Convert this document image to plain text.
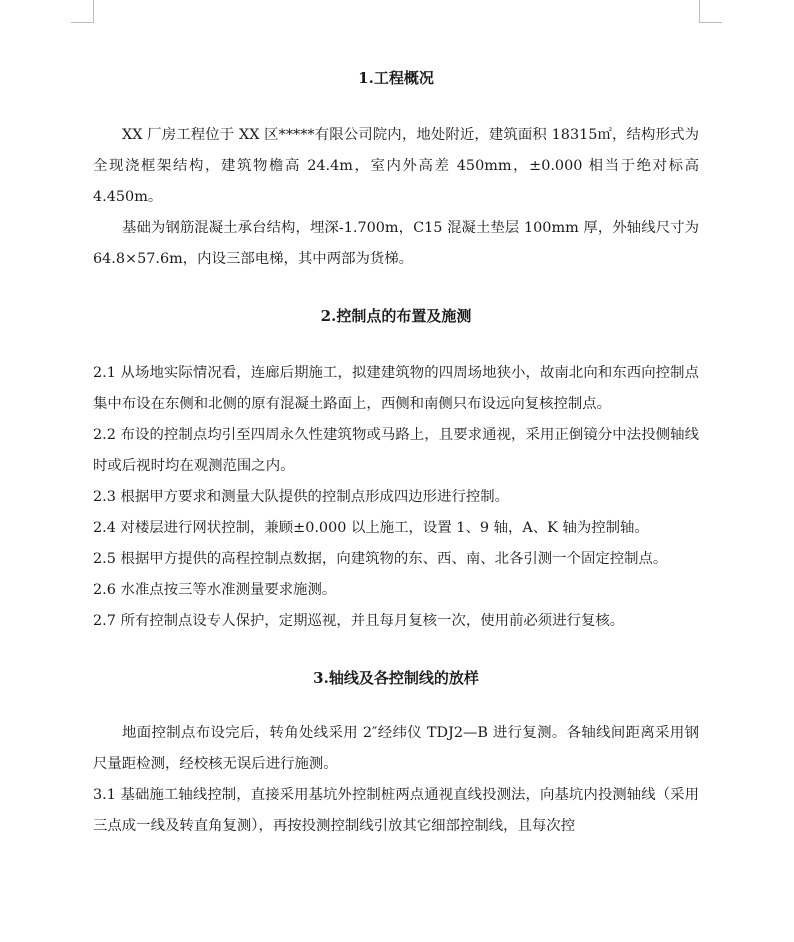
1.工程概况

XX 厂房工程位于 XX 区*****有限公司院内，地处附近，建筑面积 18315㎡，结构形式为全现浇框架结构，建筑物檐高 24.4m，室内外高差 450mm，±0.000 相当于绝对标高 4.450m。

基础为钢筋混凝土承台结构，埋深-1.700m，C15 混凝土垫层 100mm 厚，外轴线尺寸为 64.8×57.6m，内设三部电梯，其中两部为货梯。

2.控制点的布置及施测

2.1 从场地实际情况看，连廊后期施工，拟建建筑物的四周场地狭小，故南北向和东西向控制点集中布设在东侧和北侧的原有混凝土路面上，西侧和南侧只布设远向复核控制点。

2.2 布设的控制点均引至四周永久性建筑物或马路上，且要求通视，采用正倒镜分中法投侧轴线时或后视时均在观测范围之内。

2.3 根据甲方要求和测量大队提供的控制点形成四边形进行控制。

2.4 对楼层进行网状控制，兼顾±0.000 以上施工，设置 1、9 轴，A、K 轴为控制轴。

2.5 根据甲方提供的高程控制点数据，向建筑物的东、西、南、北各引测一个固定控制点。

2.6 水准点按三等水准测量要求施测。

2.7 所有控制点设专人保护，定期巡视，并且每月复核一次，使用前必须进行复核。

3.轴线及各控制线的放样

地面控制点布设完后，转角处线采用 2″经纬仪 TDJ2—B 进行复测。各轴线间距离采用钢尺量距检测，经校核无误后进行施测。

3.1 基础施工轴线控制，直接采用基坑外控制桩两点通视直线投测法，向基坑内投测轴线（采用三点成一线及转直角复测），再按投测控制线引放其它细部控制线，且每次控
